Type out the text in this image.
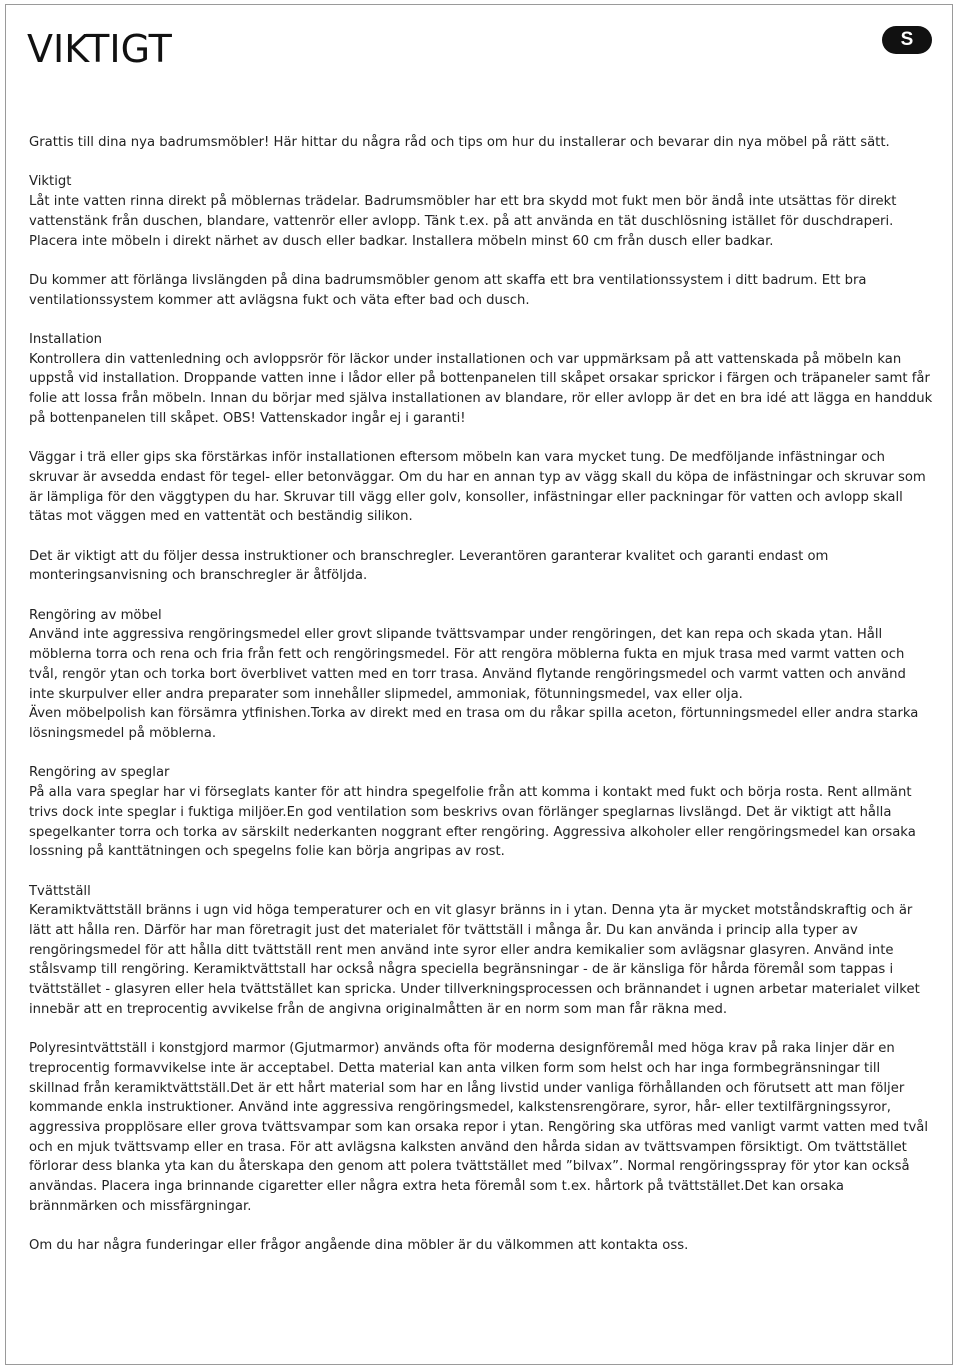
VIKTIGT	S

Grattis till dina nya badrumsmöbler! Här hittar du några råd och tips om hur du installerar och bevarar din nya möbel på rätt sätt.

Viktigt
Låt inte vatten rinna direkt på möblernas trädelar. Badrumsmöbler har ett bra skydd mot fukt men bör ändå inte utsättas för direkt vattenstänk från duschen, blandare, vattenrör eller avlopp. Tänk t.ex. på att använda en tät duschlösning istället för duschdraperi. Placera inte möbeln i direkt närhet av dusch eller badkar. Installera möbeln minst 60 cm från dusch eller badkar.

Du kommer att förlänga livslängden på dina badrumsmöbler genom att skaffa ett bra ventilationssystem i ditt badrum. Ett bra ventilationssystem kommer att avlägsna fukt och väta efter bad och dusch.

Installation
Kontrollera din vattenledning och avloppsrör för läckor under installationen och var uppmärksam på att vattenskada på möbeln kan uppstå vid installation. Droppande vatten inne i lådor eller på bottenpanelen till skåpet orsakar sprickor i färgen och träpaneler samt får folie att lossa från möbeln. Innan du börjar med själva installationen av blandare, rör eller avlopp är det en bra idé att lägga en handduk på bottenpanelen till skåpet. OBS! Vattenskador ingår ej i garanti!

Väggar i trä eller gips ska förstärkas inför installationen eftersom möbeln kan vara mycket tung. De medföljande infästningar och skruvar är avsedda endast för tegel- eller betonväggar. Om du har en annan typ av vägg skall du köpa de infästningar och skruvar som är lämpliga för den väggtypen du har. Skruvar till vägg eller golv, konsoller, infästningar eller packningar för vatten och avlopp skall tätas mot väggen med en vattentät och beständig silikon.

Det är viktigt att du följer dessa instruktioner och branschregler. Leverantören garanterar kvalitet och garanti endast om monteringsanvisning och branschregler är åtföljda.

Rengöring av möbel
Använd inte aggressiva rengöringsmedel eller grovt slipande tvättsvampar under rengöringen, det kan repa och skada ytan. Håll möblerna torra och rena och fria från fett och rengöringsmedel. För att rengöra möblerna fukta en mjuk trasa med varmt vatten och tvål, rengör ytan och torka bort överblivet vatten med en torr trasa. Använd flytande rengöringsmedel och varmt vatten och använd inte skurpulver eller andra preparater som innehåller slipmedel, ammoniak, fötunningsmedel, vax eller olja.
Även möbelpolish kan försämra ytfinishen.Torka av direkt med en trasa om du råkar spilla aceton, förtunningsmedel eller andra starka lösningsmedel på möblerna.

Rengöring av speglar
På alla vara speglar har vi förseglats kanter för att hindra spegelfolie från att komma i kontakt med fukt och börja rosta. Rent allmänt trivs dock inte speglar i fuktiga miljöer.En god ventilation som beskrivs ovan förlänger speglarnas livslängd. Det är viktigt att hålla spegelkanter torra och torka av särskilt nederkanten noggrant efter rengöring. Aggressiva alkoholer eller rengöringsmedel kan orsaka lossning på kanttätningen och spegelns folie kan börja angripas av rost.

Tvättställ
Keramiktvättställ bränns i ugn vid höga temperaturer och en vit glasyr bränns in i ytan. Denna yta är mycket motståndskraftig och är lätt att hålla ren. Därför har man företragit just det materialet för tvättställ i många år. Du kan använda i princip alla typer av rengöringsmedel för att hålla ditt tvättställ rent men använd inte syror eller andra kemikalier som avlägsnar glasyren. Använd inte stålsvamp till rengöring. Keramiktvättstall har också några speciella begränsningar - de är känsliga för hårda föremål som tappas i tvättstället - glasyren eller hela tvättstället kan spricka. Under tillverkningsprocessen och brännandet i ugnen arbetar materialet vilket innebär att en treprocentig avvikelse från de angivna originalmåtten är en norm som man får räkna med.

Polyresintvättställ i konstgjord marmor (Gjutmarmor) används ofta för moderna designföremål med höga krav på raka linjer där en treprocentig formavvikelse inte är acceptabel. Detta material kan anta vilken form som helst och har inga formbegränsningar till skillnad från keramiktvättställ.Det är ett hårt material som har en lång livstid under vanliga förhållanden och förutsett att man följer kommande enkla instruktioner. Använd inte aggressiva rengöringsmedel, kalkstensrengörare, syror, hår- eller textilfärgningssyror, aggressiva propplösare eller grova tvättsvampar som kan orsaka repor i ytan. Rengöring ska utföras med vanligt varmt vatten med tvål och en mjuk tvättsvamp eller en trasa. För att avlägsna kalksten använd den hårda sidan av tvättsvampen försiktigt. Om tvättstället förlorar dess blanka yta kan du återskapa den genom att polera tvättstället med ”bilvax”. Normal rengöringsspray för ytor kan också användas. Placera inga brinnande cigaretter eller några extra heta föremål som t.ex. hårtork på tvättstället.Det kan orsaka brännmärken och missfärgningar.

Om du har några funderingar eller frågor angående dina möbler är du välkommen att kontakta oss.
